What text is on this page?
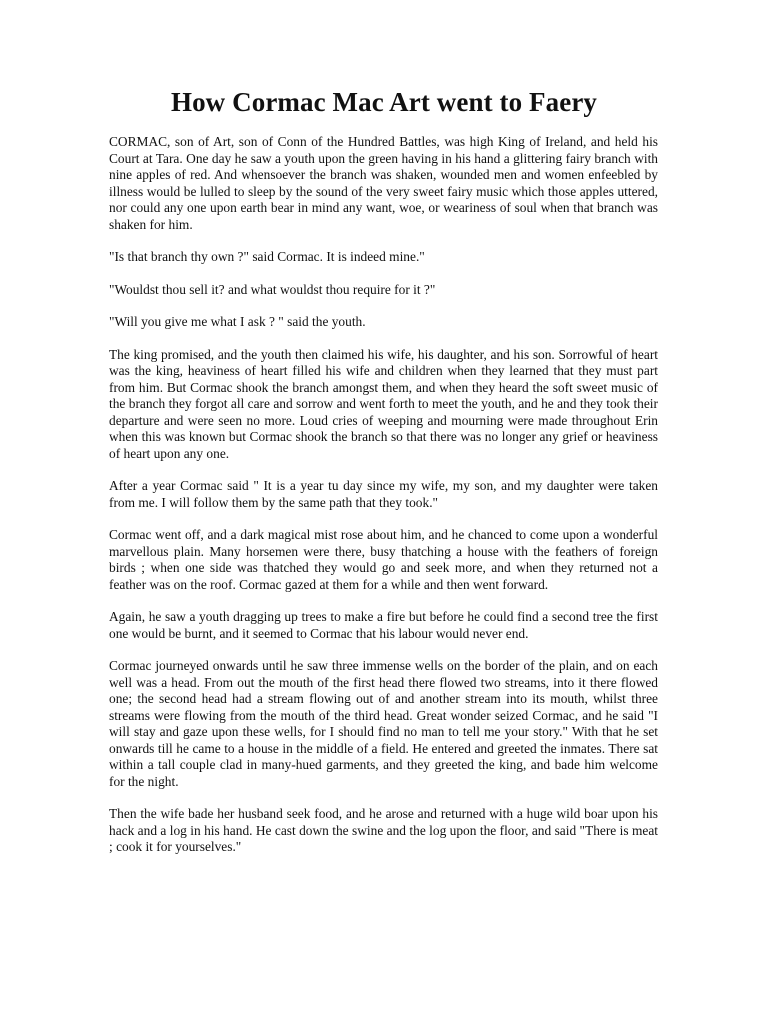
How Cormac Mac Art went to Faery

CORMAC, son of Art, son of Conn of the Hundred Battles, was high King of Ireland, and held his Court at Tara. One day he saw a youth upon the green having in his hand a glittering fairy branch with nine apples of red. And whensoever the branch was shaken, wounded men and women enfeebled by illness would be lulled to sleep by the sound of the very sweet fairy music which those apples uttered, nor could any one upon earth bear in mind any want, woe, or weariness of soul when that branch was shaken for him.

"Is that branch thy own ?" said Cormac. It is indeed mine."

"Wouldst thou sell it? and what wouldst thou require for it ?"

"Will you give me what I ask ? " said the youth.

The king promised, and the youth then claimed his wife, his daughter, and his son. Sorrowful of heart was the king, heaviness of heart filled his wife and children when they learned that they must part from him. But Cormac shook the branch amongst them, and when they heard the soft sweet music of the branch they forgot all care and sorrow and went forth to meet the youth, and he and they took their departure and were seen no more. Loud cries of weeping and mourning were made throughout Erin when this was known but Cormac shook the branch so that there was no longer any grief or heaviness of heart upon any one.

After a year Cormac said " It is a year tu day since my wife, my son, and my daughter were taken from me. I will follow them by the same path that they took."

Cormac went off, and a dark magical mist rose about him, and he chanced to come upon a wonderful marvellous plain. Many horsemen were there, busy thatching a house with the feathers of foreign birds ; when one side was thatched they would go and seek more, and when they returned not a feather was on the roof. Cormac gazed at them for a while and then went forward.

Again, he saw a youth dragging up trees to make a fire but before he could find a second tree the first one would be burnt, and it seemed to Cormac that his labour would never end.

Cormac journeyed onwards until he saw three immense wells on the border of the plain, and on each well was a head. From out the mouth of the first head there flowed two streams, into it there flowed one; the second head had a stream flowing out of and another stream into its mouth, whilst three streams were flowing from the mouth of the third head. Great wonder seized Cormac, and he said "I will stay and gaze upon these wells, for I should find no man to tell me your story." With that he set onwards till he came to a house in the middle of a field. He entered and greeted the inmates. There sat within a tall couple clad in many-hued garments, and they greeted the king, and bade him welcome for the night.

Then the wife bade her husband seek food, and he arose and returned with a huge wild boar upon his hack and a log in his hand. He cast down the swine and the log upon the floor, and said "There is meat ; cook it for yourselves."
